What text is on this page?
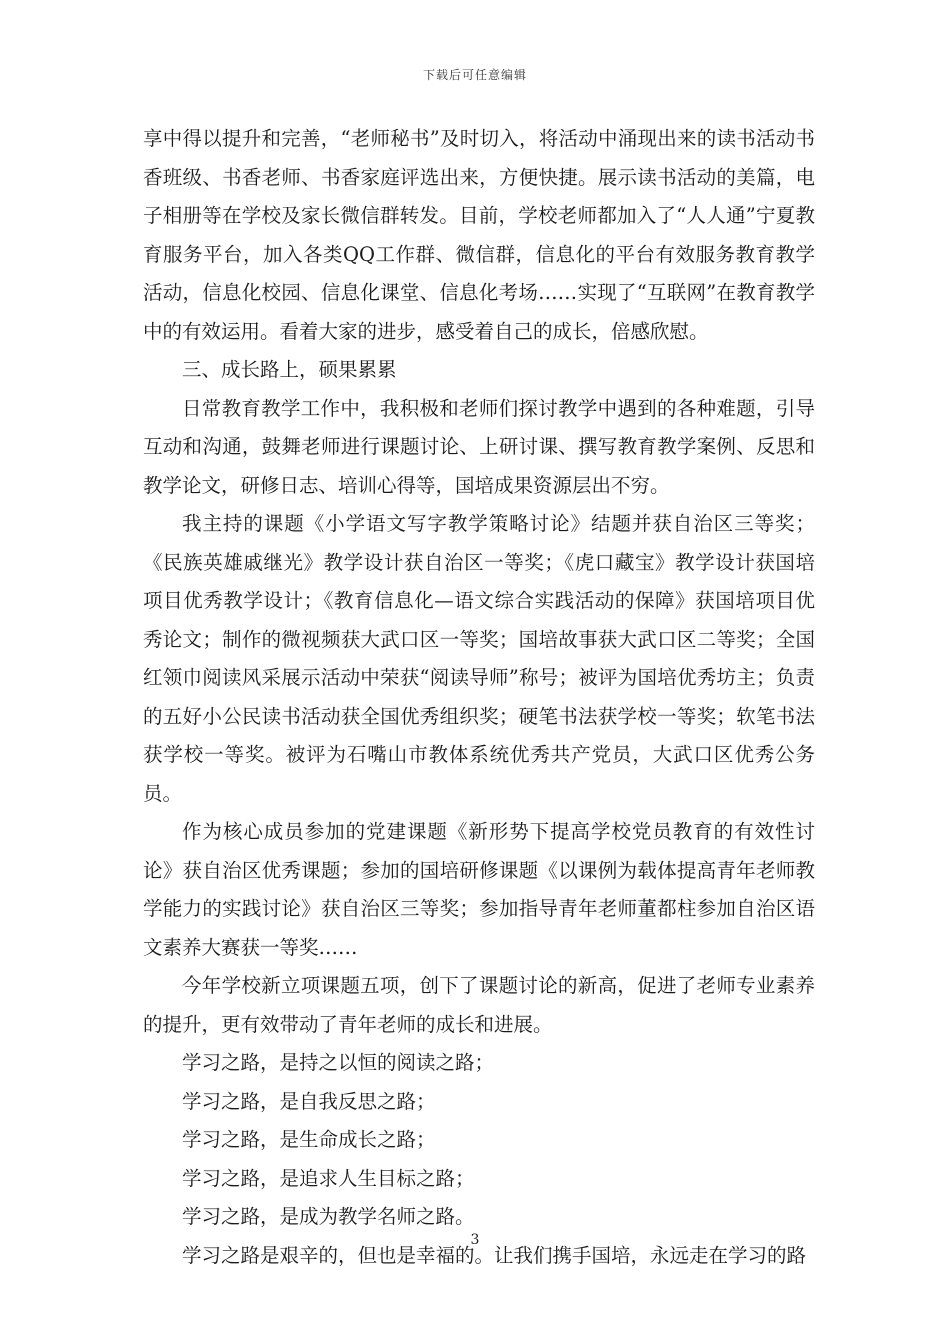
下载后可任意编辑

享中得以提升和完善，“老师秘书”及时切入，将活动中涌现出来的读书活动书香班级、书香老师、书香家庭评选出来，方便快捷。展示读书活动的美篇，电子相册等在学校及家长微信群转发。目前，学校老师都加入了“人人通”宁夏教育服务平台，加入各类QQ工作群、微信群，信息化的平台有效服务教育教学活动，信息化校园、信息化课堂、信息化考场……实现了“互联网”在教育教学中的有效运用。看着大家的进步，感受着自己的成长，倍感欣慰。

三、成长路上，硕果累累

日常教育教学工作中，我积极和老师们探讨教学中遇到的各种难题，引导互动和沟通，鼓舞老师进行课题讨论、上研讨课、撰写教育教学案例、反思和教学论文，研修日志、培训心得等，国培成果资源层出不穷。

我主持的课题《小学语文写字教学策略讨论》结题并获自治区三等奖；《民族英雄戚继光》教学设计获自治区一等奖；《虎口藏宝》教学设计获国培项目优秀教学设计；《教育信息化—语文综合实践活动的保障》获国培项目优秀论文；制作的微视频获大武口区一等奖；国培故事获大武口区二等奖；全国红领巾阅读风采展示活动中荣获“阅读导师”称号；被评为国培优秀坊主；负责的五好小公民读书活动获全国优秀组织奖；硬笔书法获学校一等奖；软笔书法获学校一等奖。被评为石嘴山市教体系统优秀共产党员，大武口区优秀公务员。

作为核心成员参加的党建课题《新形势下提高学校党员教育的有效性讨论》获自治区优秀课题；参加的国培研修课题《以课例为载体提高青年老师教学能力的实践讨论》获自治区三等奖；参加指导青年老师董都柱参加自治区语文素养大赛获一等奖……

今年学校新立项课题五项，创下了课题讨论的新高，促进了老师专业素养的提升，更有效带动了青年老师的成长和进展。

学习之路，是持之以恒的阅读之路；

学习之路，是自我反思之路；

学习之路，是生命成长之路；

学习之路，是追求人生目标之路；

学习之路，是成为教学名师之路。

学习之路是艰辛的，但也是幸福的。让我们携手国培，永远走在学习的路

3
